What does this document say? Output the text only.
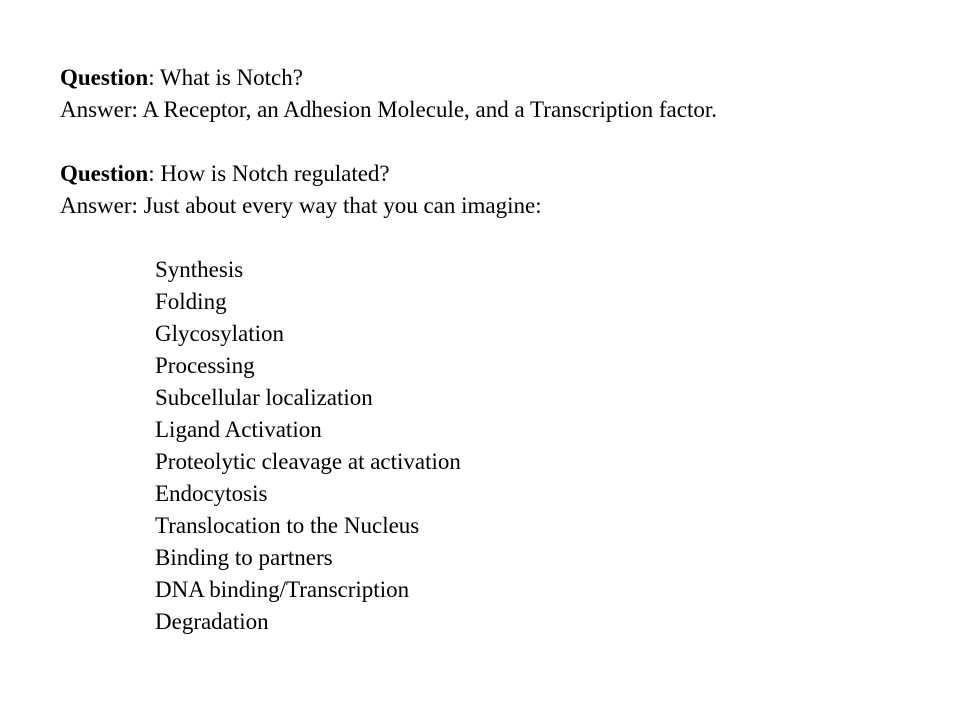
Question: What is Notch?

Answer: A Receptor, an Adhesion Molecule, and a Transcription factor.

Question: How is Notch regulated?

Answer: Just about every way that you can imagine:

Synthesis
Folding
Glycosylation
Processing
Subcellular localization
Ligand Activation
Proteolytic cleavage at activation
Endocytosis
Translocation to the Nucleus
Binding to partners
DNA binding/Transcription
Degradation
